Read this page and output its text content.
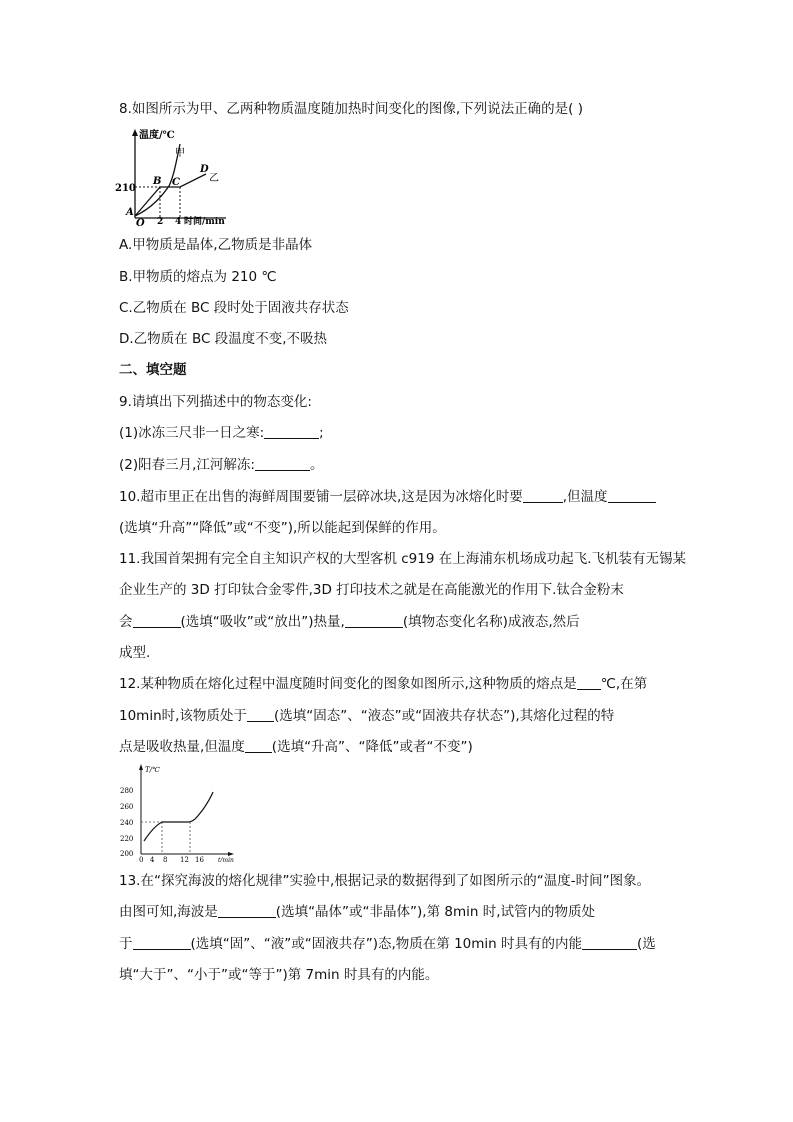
8.如图所示为甲、乙两种物质温度随加热时间变化的图像,下列说法正确的是( )
温度/℃
时间/min
210
O 2 4
甲
乙
A
B C
D
A.甲物质是晶体,乙物质是非晶体
B.甲物质的熔点为 210 ℃
C.乙物质在 BC 段时处于固液共存状态
D.乙物质在 BC 段温度不变,不吸热
二、填空题
9.请填出下列描述中的物态变化:
(1)冰冻三尺非一日之寒:	;
(2)阳春三月,江河解冻:	。
10.超市里正在出售的海鲜周围要铺一层碎冰块,这是因为冰熔化时要	,但温度
(选填“升高”“降低”或“不变”),所以能起到保鲜的作用。
11.我国首架拥有完全自主知识产权的大型客机 c919 在上海浦东机场成功起飞.飞机装有无锡某
企业生产的 3D 打印钛合金零件,3D 打印技术之就是在高能激光的作用下.钛合金粉末
会	(选填“吸收”或“放出”)热量,	(填物态变化名称)成液态,然后
成型.
12.某种物质在熔化过程中温度随时间变化的图象如图所示,这种物质的熔点是 ℃,在第
10min时,该物质处于 (选填“固态”、“液态”或“固液共存状态”),其熔化过程的特
点是吸收热量,但温度 (选填“升高”、“降低”或者“不变”)
T/℃
t/min
280
260
240
220
200
0 4 8 12 16
13.在“探究海波的熔化规律”实验中,根据记录的数据得到了如图所示的“温度-时间”图象。
由图可知,海波是	(选填“晶体”或“非晶体”),第 8min 时,试管内的物质处
于	(选填“固”、“液”或“固液共存”)态,物质在第 10min 时具有的内能	(选
填“大于”、“小于”或“等于”)第 7min 时具有的内能。
